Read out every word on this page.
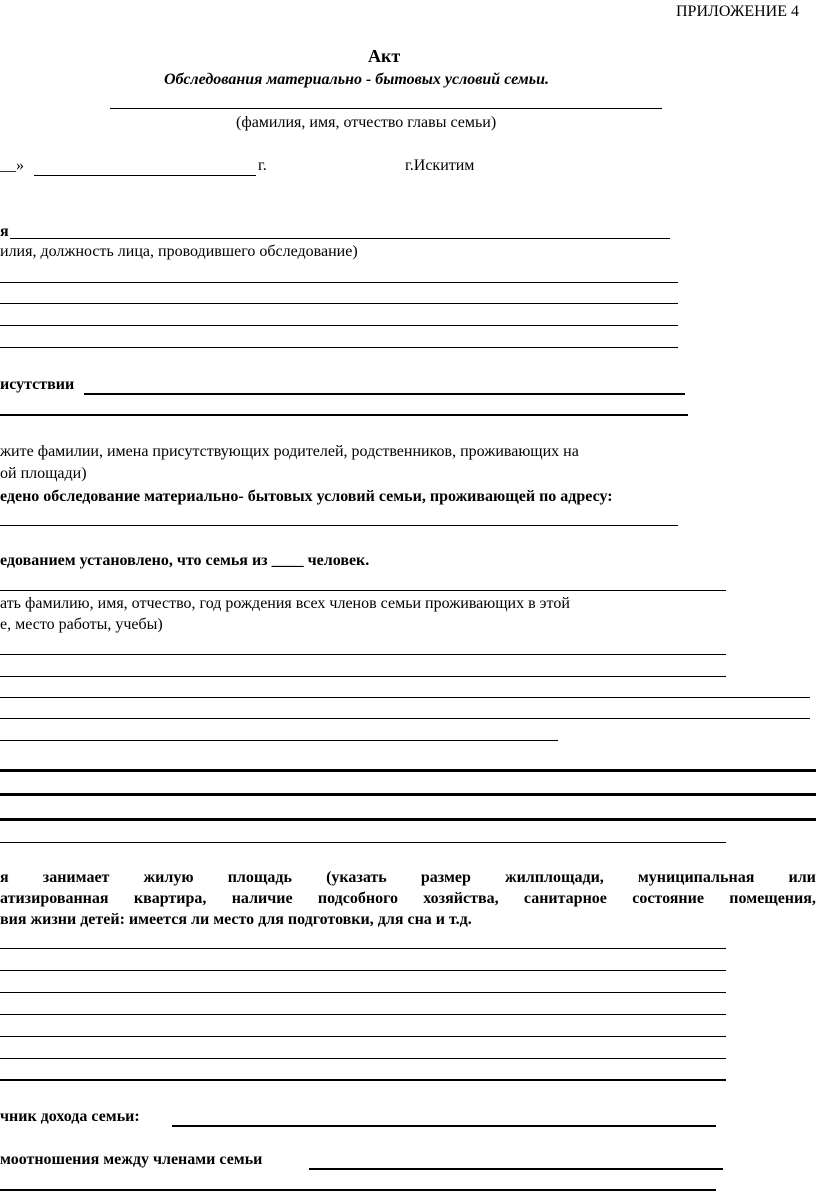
ПРИЛОЖЕНИЕ 4
Акт
Обследования материально - бытовых условий семьи.
(фамилия, имя, отчество главы семьи)
__»	г.	г.Искитим
я
илия, должность лица, проводившего обследование)
исутствии
жите фамилии, имена присутствующих родителей, родственников, проживающих на
ой площади)
едено обследование материально- бытовых условий семьи, проживающей по адресу:
едованием установлено, что семья из ____ человек.
ать фамилию, имя, отчество, год рождения всех членов семьи проживающих в этой
е, место работы, учебы)
я занимает жилую площадь (указать размер жилплощади, муниципальная или
атизированная квартира, наличие подсобного хозяйства, санитарное состояние помещения,
вия жизни детей: имеется ли место для подготовки, для сна и т.д.
чник дохода семьи:
моотношения между членами семьи
